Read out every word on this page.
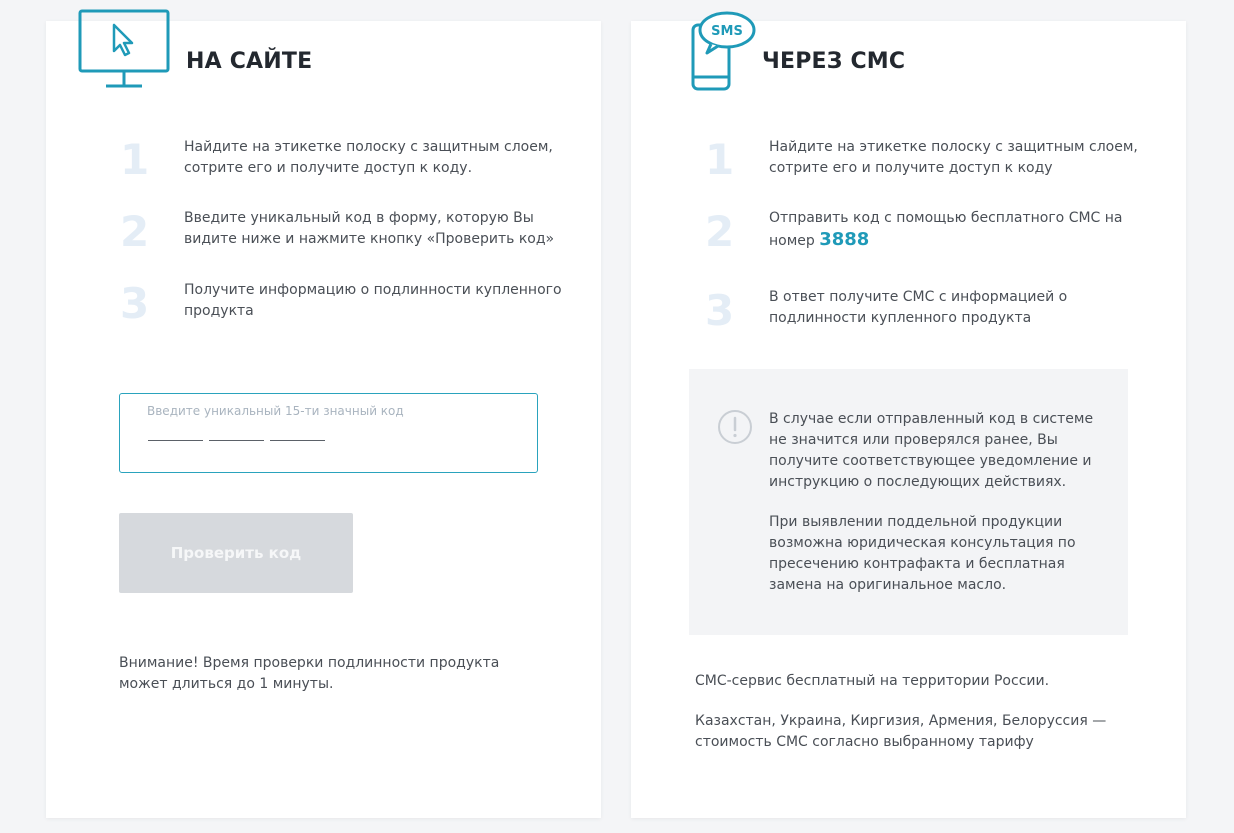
НА САЙТЕ
1 Найдите на этикетке полоску с защитным слоем, сотрите его и получите доступ к коду.
2 Введите уникальный код в форму, которую Вы видите ниже и нажмите кнопку «Проверить код»
3 Получите информацию о подлинности купленного продукта
Введите уникальный 15-ти значный код
Проверить код
Внимание! Время проверки подлинности продукта может длиться до 1 минуты.
SMS
ЧЕРЕЗ СМС
1 Найдите на этикетке полоску с защитным слоем, сотрите его и получите доступ к коду
2 Отправить код с помощью бесплатного СМС на номер 3888
3 В ответ получите СМС с информацией о подлинности купленного продукта
В случае если отправленный код в системе не значится или проверялся ранее, Вы получите соответствующее уведомление и инструкцию о последующих действиях.
При выявлении поддельной продукции возможна юридическая консультация по пресечению контрафакта и бесплатная замена на оригинальное масло.
СМС-сервис бесплатный на территории России.
Казахстан, Украина, Киргизия, Армения, Белоруссия — стоимость СМС согласно выбранному тарифу
